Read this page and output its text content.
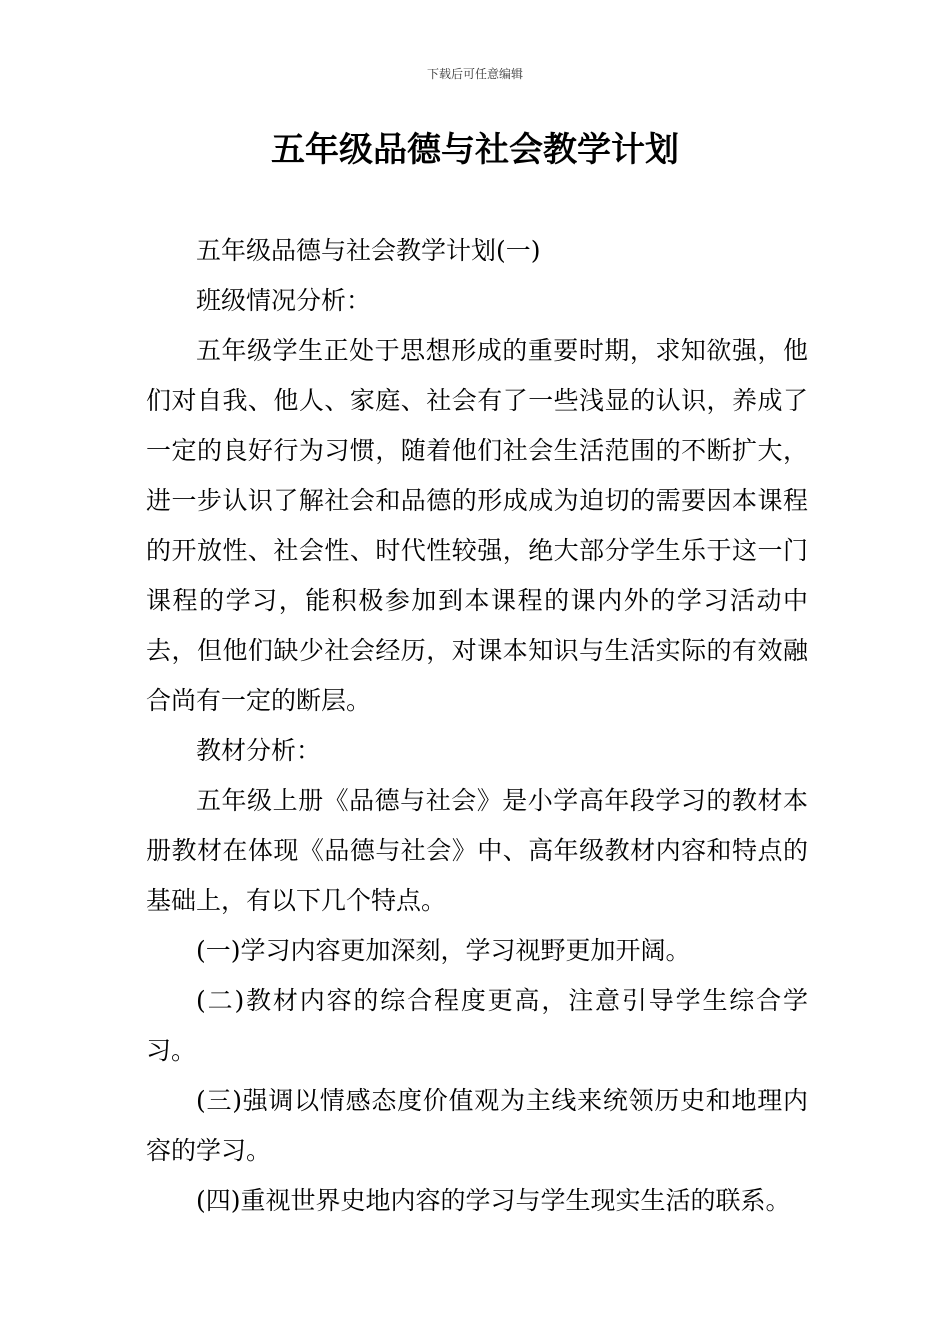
下载后可任意编辑
五年级品德与社会教学计划

五年级品德与社会教学计划(一)

班级情况分析：

五年级学生正处于思想形成的重要时期，求知欲强，他们对自我、他人、家庭、社会有了一些浅显的认识，养成了一定的良好行为习惯，随着他们社会生活范围的不断扩大，进一步认识了解社会和品德的形成成为迫切的需要因本课程的开放性、社会性、时代性较强，绝大部分学生乐于这一门课程的学习，能积极参加到本课程的课内外的学习活动中去，但他们缺少社会经历，对课本知识与生活实际的有效融合尚有一定的断层。

教材分析：

五年级上册《品德与社会》是小学高年段学习的教材本册教材在体现《品德与社会》中、高年级教材内容和特点的基础上，有以下几个特点。

(一)学习内容更加深刻，学习视野更加开阔。

(二)教材内容的综合程度更高，注意引导学生综合学习。

(三)强调以情感态度价值观为主线来统领历史和地理内容的学习。

(四)重视世界史地内容的学习与学生现实生活的联系。
